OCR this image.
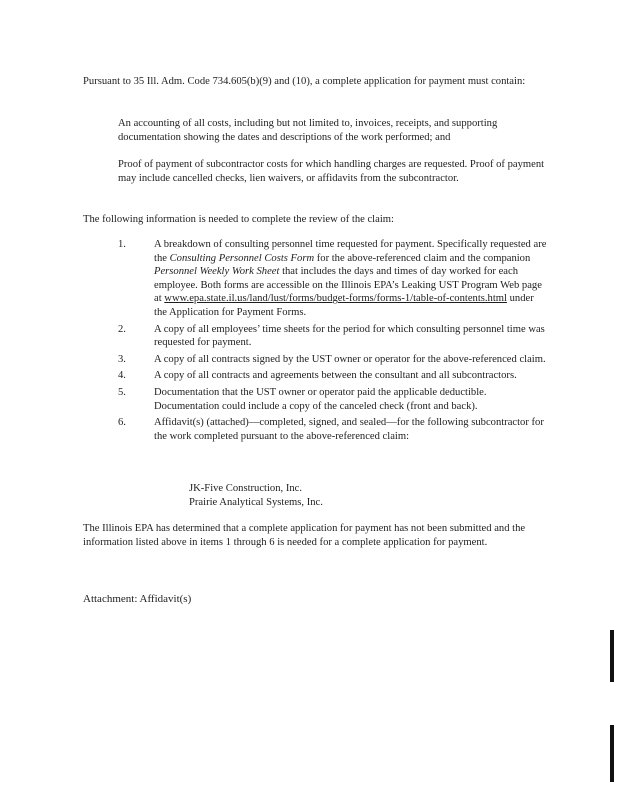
Pursuant to 35 Ill. Adm. Code 734.605(b)(9) and (10), a complete application for payment must contain:

An accounting of all costs, including but not limited to, invoices, receipts, and supporting documentation showing the dates and descriptions of the work performed; and

Proof of payment of subcontractor costs for which handling charges are requested. Proof of payment may include cancelled checks, lien waivers, or affidavits from the subcontractor.

The following information is needed to complete the review of the claim:

1.	A breakdown of consulting personnel time requested for payment. Specifically requested are the Consulting Personnel Costs Form for the above-referenced claim and the companion Personnel Weekly Work Sheet that includes the days and times of day worked for each employee. Both forms are accessible on the Illinois EPA’s Leaking UST Program Web page at www.epa.state.il.us/land/lust/forms/budget-forms/forms-1/table-of-contents.html under the Application for Payment Forms.
2.	A copy of all employees’ time sheets for the period for which consulting personnel time was requested for payment.
3.	A copy of all contracts signed by the UST owner or operator for the above-referenced claim.
4.	A copy of all contracts and agreements between the consultant and all subcontractors.
5.	Documentation that the UST owner or operator paid the applicable deductible. Documentation could include a copy of the canceled check (front and back).
6.	Affidavit(s) (attached)—completed, signed, and sealed—for the following subcontractor for the work completed pursuant to the above-referenced claim:
JK-Five Construction, Inc.
Prairie Analytical Systems, Inc.

The Illinois EPA has determined that a complete application for payment has not been submitted and the information listed above in items 1 through 6 is needed for a complete application for payment.

Attachment: Affidavit(s)
